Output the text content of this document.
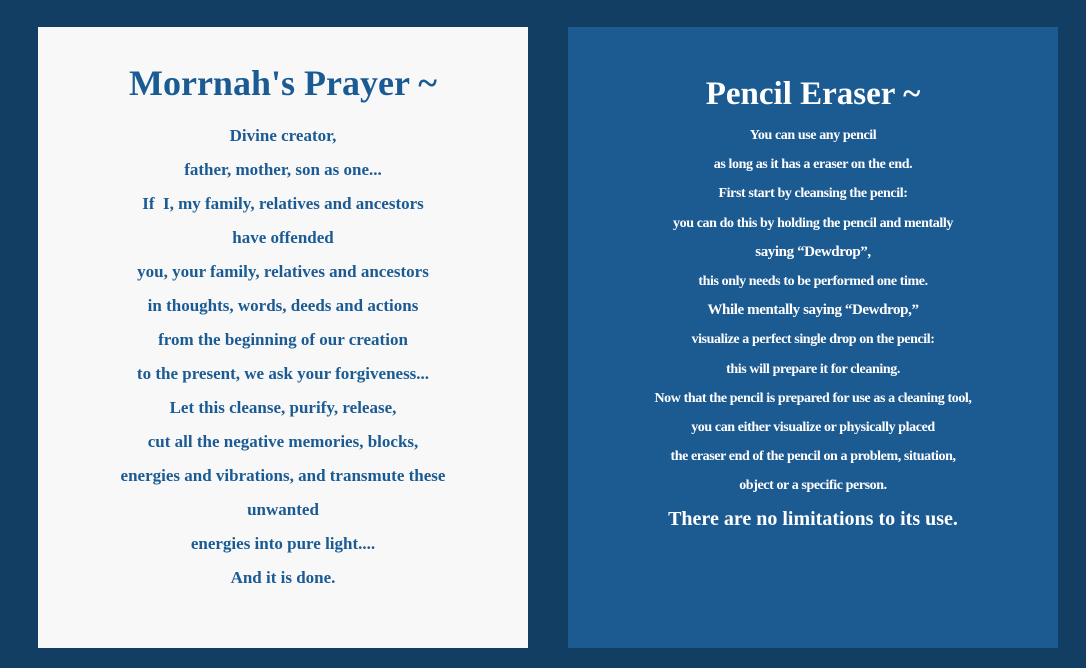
Morrnah's Prayer ~
Divine creator,
father, mother, son as one...
If  I, my family, relatives and ancestors
have offended
you, your family, relatives and ancestors
in thoughts, words, deeds and actions
from the beginning of our creation
to the present, we ask your forgiveness...
Let this cleanse, purify, release,
cut all the negative memories, blocks,
energies and vibrations, and transmute these
unwanted
energies into pure light....
And it is done.
Pencil Eraser ~
You can use any pencil
as long as it has a eraser on the end.
First start by cleansing the pencil:
you can do this by holding the pencil and mentally
saying “Dewdrop”,
this only needs to be performed one time.
While mentally saying “Dewdrop,”
visualize a perfect single drop on the pencil:
this will prepare it for cleaning.
Now that the pencil is prepared for use as a cleaning tool,
you can either visualize or physically placed
the eraser end of the pencil on a problem, situation,
object or a specific person.
There are no limitations to its use.
